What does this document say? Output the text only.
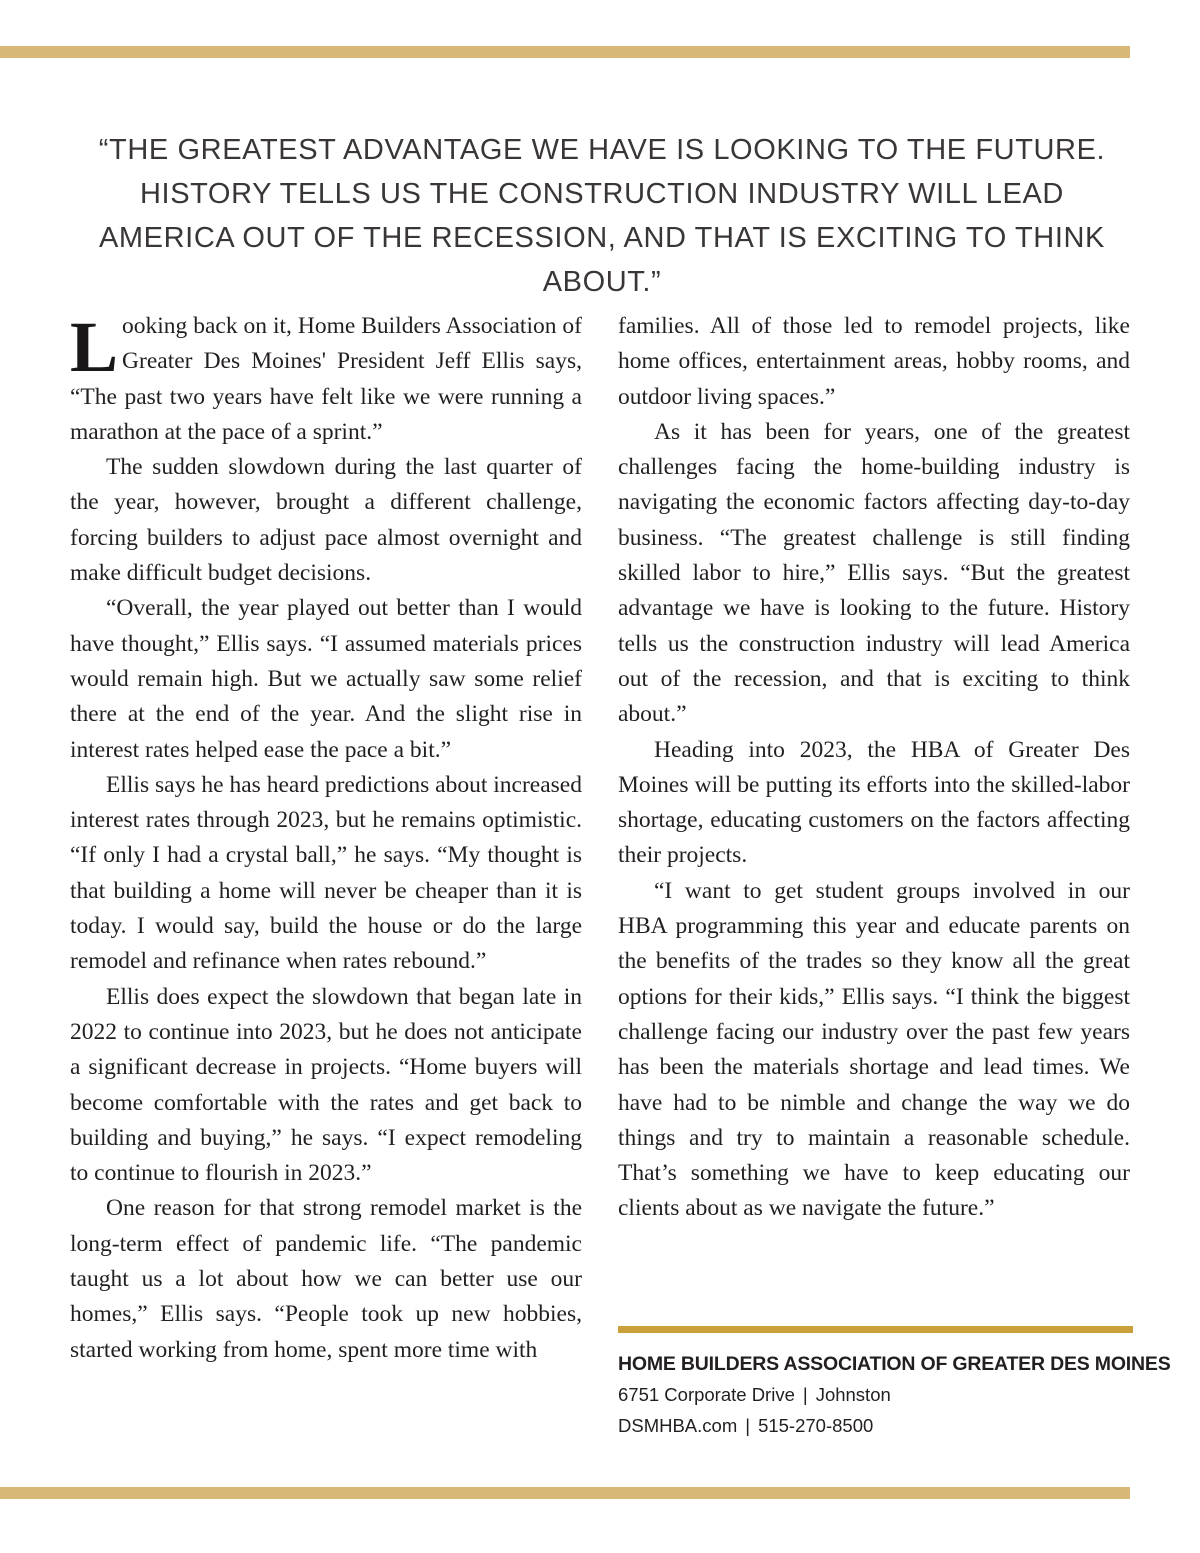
“THE GREATEST ADVANTAGE WE HAVE IS LOOKING TO THE FUTURE. HISTORY TELLS US THE CONSTRUCTION INDUSTRY WILL LEAD AMERICA OUT OF THE RECESSION, AND THAT IS EXCITING TO THINK ABOUT.”

Looking back on it, Home Builders Association of Greater Des Moines' President Jeff Ellis says, “The past two years have felt like we were running a marathon at the pace of a sprint.”

The sudden slowdown during the last quarter of the year, however, brought a different challenge, forcing builders to adjust pace almost overnight and make difficult budget decisions.

“Overall, the year played out better than I would have thought,” Ellis says. “I assumed materials prices would remain high. But we actually saw some relief there at the end of the year. And the slight rise in interest rates helped ease the pace a bit.”

Ellis says he has heard predictions about increased interest rates through 2023, but he remains optimistic. “If only I had a crystal ball,” he says. “My thought is that building a home will never be cheaper than it is today. I would say, build the house or do the large remodel and refinance when rates rebound.”

Ellis does expect the slowdown that began late in 2022 to continue into 2023, but he does not anticipate a significant decrease in projects. “Home buyers will become comfortable with the rates and get back to building and buying,” he says. “I expect remodeling to continue to flourish in 2023.”

One reason for that strong remodel market is the long-term effect of pandemic life. “The pandemic taught us a lot about how we can better use our homes,” Ellis says. “People took up new hobbies, started working from home, spent more time with

families. All of those led to remodel projects, like home offices, entertainment areas, hobby rooms, and outdoor living spaces.”

As it has been for years, one of the greatest challenges facing the home-building industry is navigating the economic factors affecting day-to-day business. “The greatest challenge is still finding skilled labor to hire,” Ellis says. “But the greatest advantage we have is looking to the future. History tells us the construction industry will lead America out of the recession, and that is exciting to think about.”

Heading into 2023, the HBA of Greater Des Moines will be putting its efforts into the skilled-labor shortage, educating customers on the factors affecting their projects.

“I want to get student groups involved in our HBA programming this year and educate parents on the benefits of the trades so they know all the great options for their kids,” Ellis says. “I think the biggest challenge facing our industry over the past few years has been the materials shortage and lead times. We have had to be nimble and change the way we do things and try to maintain a reasonable schedule. That’s something we have to keep educating our clients about as we navigate the future.”

HOME BUILDERS ASSOCIATION OF GREATER DES MOINES
6751 Corporate Drive | Johnston
DSMHBA.com | 515-270-8500
